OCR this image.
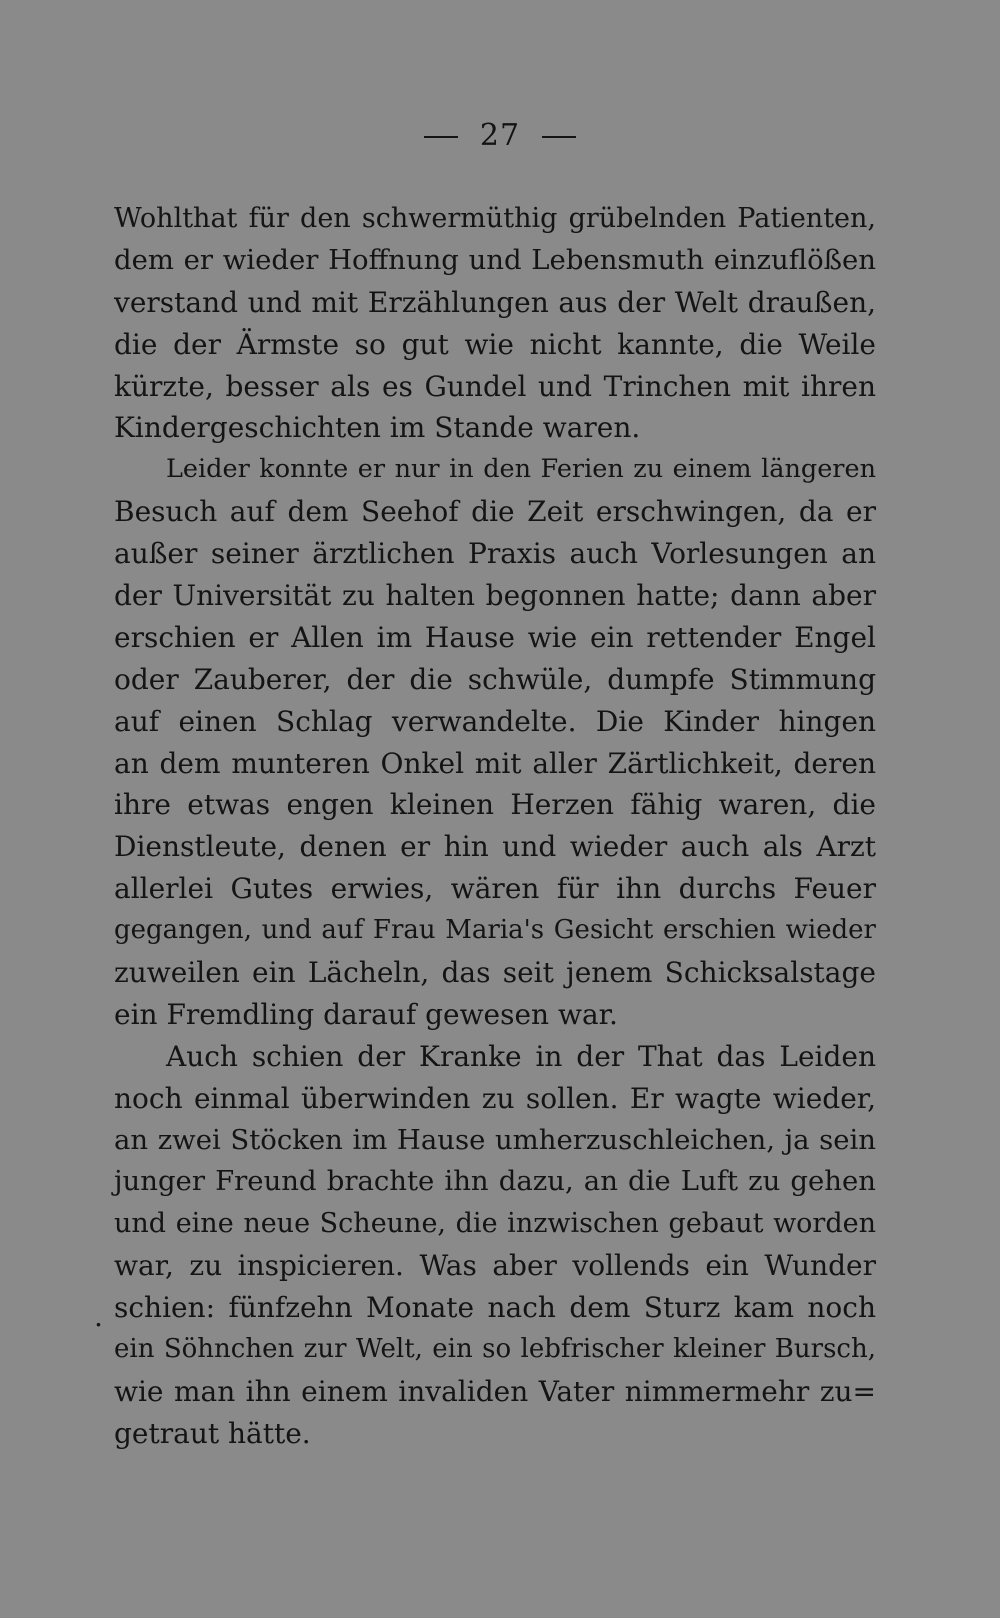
27
.
Wohlthat für den schwermüthig grübelnden Patienten,
dem er wieder Hoffnung und Lebensmuth einzuflößen
verstand und mit Erzählungen aus der Welt draußen,
die der Ärmste so gut wie nicht kannte, die Weile
kürzte, besser als es Gundel und Trinchen mit ihren
Kindergeschichten im Stande waren.
Leider konnte er nur in den Ferien zu einem längeren
Besuch auf dem Seehof die Zeit erschwingen, da er
außer seiner ärztlichen Praxis auch Vorlesungen an
der Universität zu halten begonnen hatte; dann aber
erschien er Allen im Hause wie ein rettender Engel
oder Zauberer, der die schwüle, dumpfe Stimmung
auf einen Schlag verwandelte. Die Kinder hingen
an dem munteren Onkel mit aller Zärtlichkeit, deren
ihre etwas engen kleinen Herzen fähig waren, die
Dienstleute, denen er hin und wieder auch als Arzt
allerlei Gutes erwies, wären für ihn durchs Feuer
gegangen, und auf Frau Maria's Gesicht erschien wieder
zuweilen ein Lächeln, das seit jenem Schicksalstage
ein Fremdling darauf gewesen war.
Auch schien der Kranke in der That das Leiden
noch einmal überwinden zu sollen. Er wagte wieder,
an zwei Stöcken im Hause umherzuschleichen, ja sein
junger Freund brachte ihn dazu, an die Luft zu gehen
und eine neue Scheune, die inzwischen gebaut worden
war, zu inspicieren. Was aber vollends ein Wunder
schien: fünfzehn Monate nach dem Sturz kam noch
ein Söhnchen zur Welt, ein so lebfrischer kleiner Bursch,
wie man ihn einem invaliden Vater nimmermehr zu=
getraut hätte.
